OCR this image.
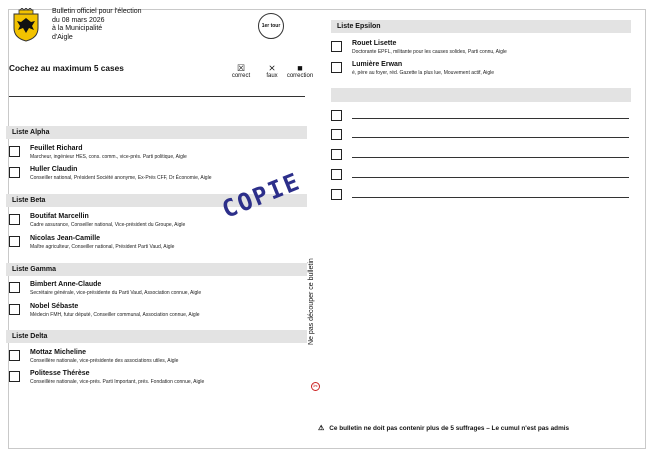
Bulletin officiel pour l'élection
du 08 mars 2026
à la Municipalité
d'Aigle
1er tour
Cochez au maximum 5 cases	☒
correct
⨯
faux
■
correction
Liste Alpha
Feuillet Richard
Marcheur, ingénieur HES, cons. comm., vice-prés. Parti politique, Aigle
Huller Claudin
Conseiller national, Président Société anonyme, Ex-Prés CFF, Dr Économie, Aigle
Liste Beta
Boutifat Marcellin
Cadre assurance, Conseiller national, Vice-président du Groupe, Aigle
Nicolas Jean-Camille
Maître agriculteur, Conseiller national, Président Parti Vaud, Aigle
Liste Gamma
Bimbert Anne-Claude
Secrétaire générale, vice-présidente du Parti Vaud, Association connue, Aigle
Nobel Sébaste
Médecin FMH, futur député, Conseiller communal, Association connue, Aigle
Liste Delta
Mottaz Micheline
Conseillère nationale, vice-présidente des associations utiles, Aigle
Politesse Thérèse
Conseillère nationale, vice-prés. Parti Important, prés. Fondation connue, Aigle
COPIE
Ne pas découper ce bulletin
✂
Liste Epsilon
Rouet Lisette
Doctorante EPFL, militante pour les causes solides, Parti connu, Aigle
Lumière Erwan
é, père au foyer, réd. Gazette la plus lue, Mouvement actif, Aigle
⚠ Ce bulletin ne doit pas contenir plus de 5 suffrages – Le cumul n'est pas admis
